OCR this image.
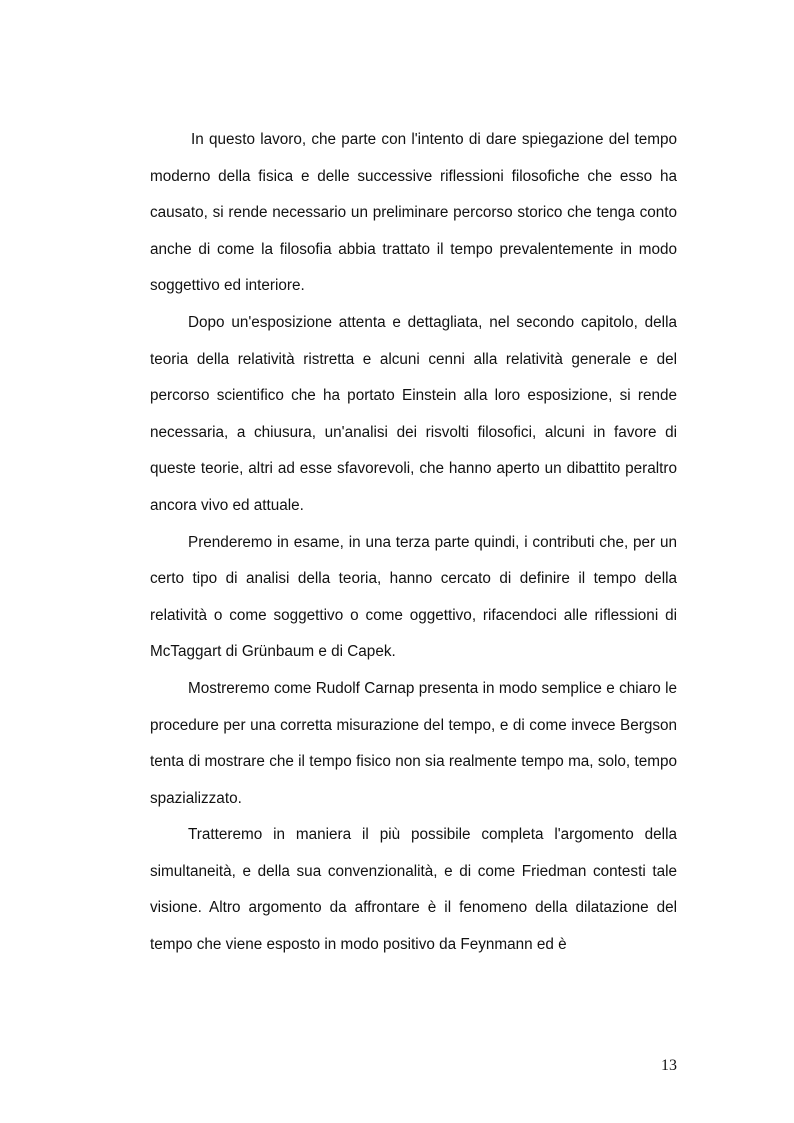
In questo lavoro, che parte con l'intento di dare spiegazione del tempo moderno della fisica e delle successive riflessioni filosofiche che esso ha causato, si rende necessario un preliminare percorso storico che tenga conto anche di come la filosofia abbia trattato il tempo prevalentemente in modo soggettivo ed interiore.

Dopo un'esposizione attenta e dettagliata, nel secondo capitolo, della teoria della relatività ristretta e alcuni cenni alla relatività generale e del percorso scientifico che ha portato Einstein alla loro esposizione, si rende necessaria, a chiusura, un'analisi dei risvolti filosofici, alcuni in favore di queste teorie, altri ad esse sfavorevoli, che hanno aperto un dibattito peraltro ancora vivo ed attuale.

Prenderemo in esame, in una terza parte quindi, i contributi che, per un certo tipo di analisi della teoria, hanno cercato di definire il tempo della relatività o come soggettivo o come oggettivo, rifacendoci alle riflessioni di McTaggart di Grünbaum e di Capek.

Mostreremo come Rudolf Carnap presenta in modo semplice e chiaro le procedure per una corretta misurazione del tempo, e di come invece Bergson tenta di mostrare che il tempo fisico non sia realmente tempo ma, solo, tempo spazializzato.

Tratteremo in maniera il più possibile completa l'argomento della simultaneità, e della sua convenzionalità, e di come Friedman contesti tale visione. Altro argomento da affrontare è il fenomeno della dilatazione del tempo che viene esposto in modo positivo da Feynmann ed è

13
